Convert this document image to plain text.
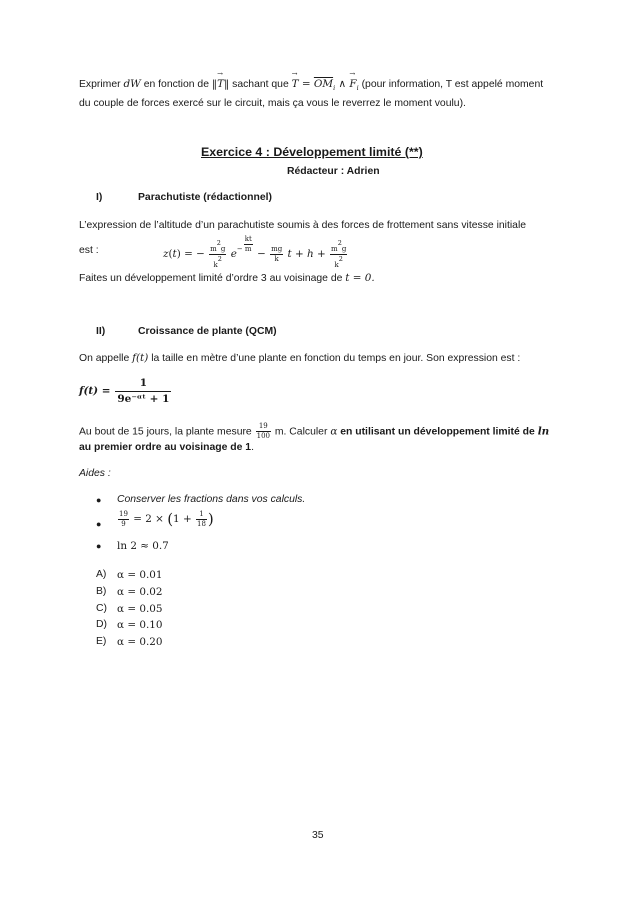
Exprimer dW en fonction de ‖→ T‖ sachant que → $T = \overline{OM}_i$ ∧ → $F_i$ (pour information, T est appelé moment
du couple de forces exercé sur le circuit, mais ça vous le reverrez le moment voulu).
Exercice 4 : Développement limité (**)
Rédacteur : Adrien
I)	Parachutiste (rédactionnel)
L’expression de l’altitude d’un parachutiste soumis à des forces de frottement sans vitesse initiale
est :	z(t) = − $\frac{m2g}{k2} e^{- \frac{kt}{m}}$
− $\frac{mg}{k}$ $t + h + \frac{m2g}{k2}$
Faites un développement limité d’ordre 3 au voisinage de t = 0.
II)	Croissance de plante (QCM)
On appelle f(t) la taille en mètre d’une plante en fonction du temps en jour. Son expression est :
$f(t) = \frac{1}{\text{9e⁻ᵅᵗ + 1}}$
Au bout de 15 jours, la plante mesure $\frac{19}{100} m$. Calculer α en utilisant un développement limité de ln
au premier ordre au voisinage de 1.
Aides :
● Conserver les fractions dans vos calculs.
● $\frac{19}{9} = 2 \times (1 + \frac{1}{18}$ )
● ln 2 ≈ 0.7
A) α = 0.01
B) α = 0.02
C) α = 0.05
D) α = 0.10
E) α = 0.20
35
